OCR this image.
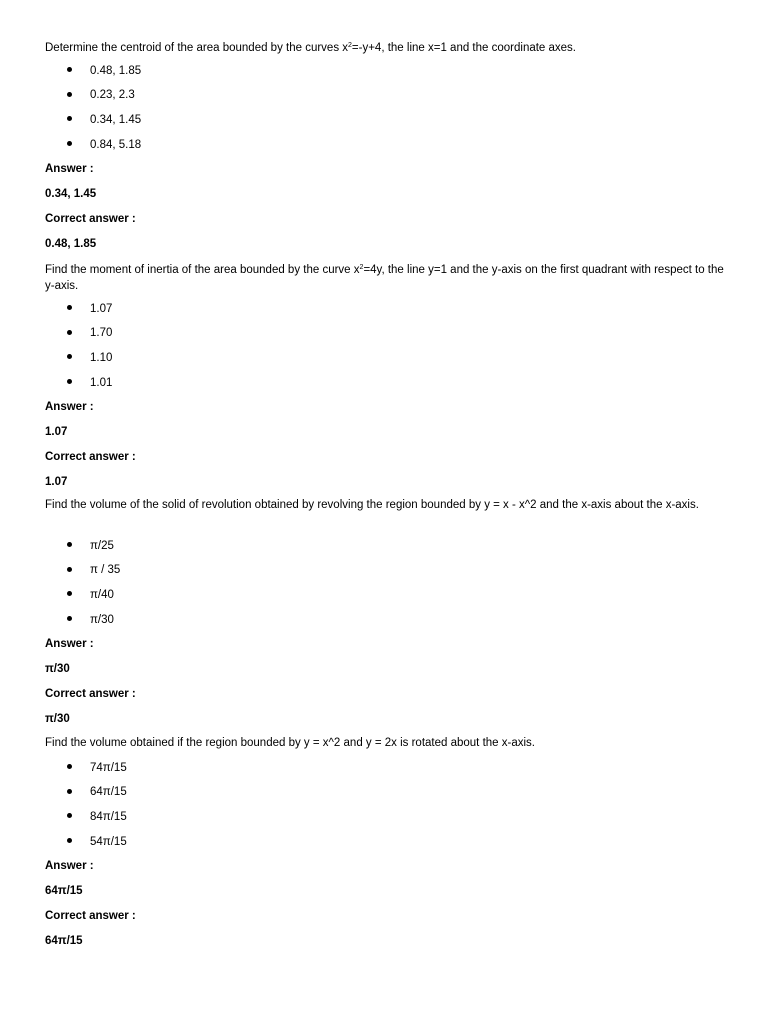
Determine the centroid of the area bounded by the curves $x^2=-y+4$, the line x=1 and the coordinate axes.

0.48, 1.85
0.23, 2.3
0.34, 1.45
0.84, 5.18
Answer :
0.34, 1.45
Correct answer :
0.48, 1.85

Find the moment of inertia of the area bounded by the curve $x^2=4y$, the line y=1 and the y-axis on the first quadrant with respect to the y-axis.

1.07
1.70
1.10
1.01
Answer :
1.07
Correct answer :
1.07

Find the volume of the solid of revolution obtained by revolving the region bounded by y = x - x^2 and the x-axis about the x-axis.

π/25
π / 35
π/40
π/30
Answer :
π/30
Correct answer :
π/30

Find the volume obtained if the region bounded by y = x^2 and y = 2x is rotated about the x-axis.

74π/15
64π/15
84π/15
54π/15
Answer :
64π/15
Correct answer :
64π/15
